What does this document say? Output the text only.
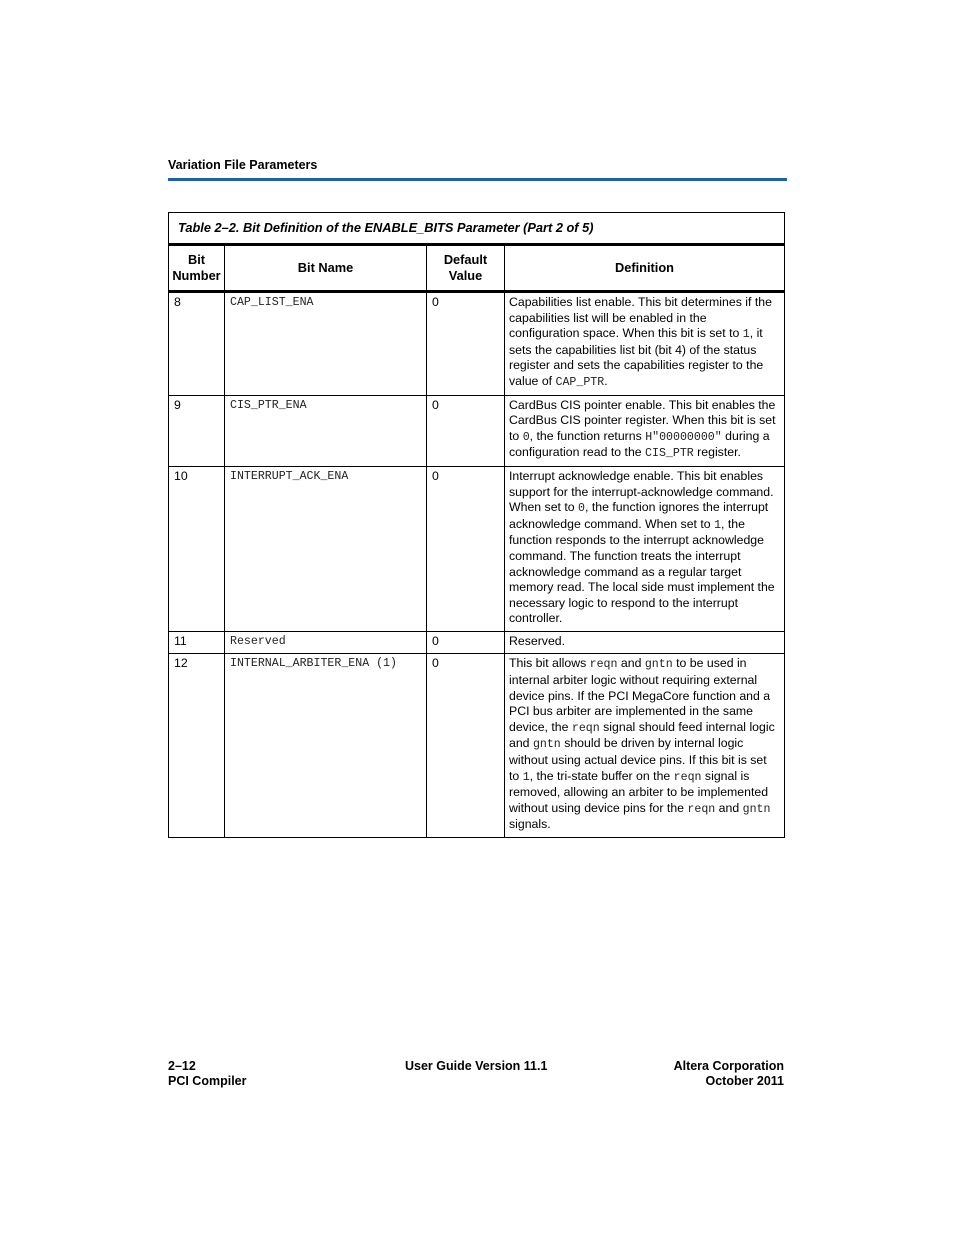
Variation File Parameters
Table 2–2. Bit Definition of the ENABLE_BITS Parameter (Part 2 of 5)			
Bit Number	Bit Name	Default Value	Definition
8	CAP_LIST_ENA	0	Capabilities list enable. This bit determines if the capabilities list will be enabled in the configuration space. When this bit is set to 1, it sets the capabilities list bit (bit 4) of the status register and sets the capabilities register to the value of CAP_PTR.
9	CIS_PTR_ENA	0	CardBus CIS pointer enable. This bit enables the CardBus CIS pointer register. When this bit is set to 0, the function returns H"00000000" during a configuration read to the CIS_PTR register.
10	INTERRUPT_ACK_ENA	0	Interrupt acknowledge enable. This bit enables support for the interrupt-acknowledge command. When set to 0, the function ignores the interrupt acknowledge command. When set to 1, the function responds to the interrupt acknowledge command. The function treats the interrupt acknowledge command as a regular target memory read. The local side must implement the necessary logic to respond to the interrupt controller.
11	Reserved	0	Reserved.
12	INTERNAL_ARBITER_ENA (1)	0	This bit allows reqn and gntn to be used in internal arbiter logic without requiring external device pins. If the PCI MegaCore function and a PCI bus arbiter are implemented in the same device, the reqn signal should feed internal logic and gntn should be driven by internal logic without using actual device pins. If this bit is set to 1, the tri-state buffer on the reqn signal is removed, allowing an arbiter to be implemented without using device pins for the reqn and gntn signals.
2–12
PCI Compiler
User Guide Version 11.1	Altera Corporation
October 2011
